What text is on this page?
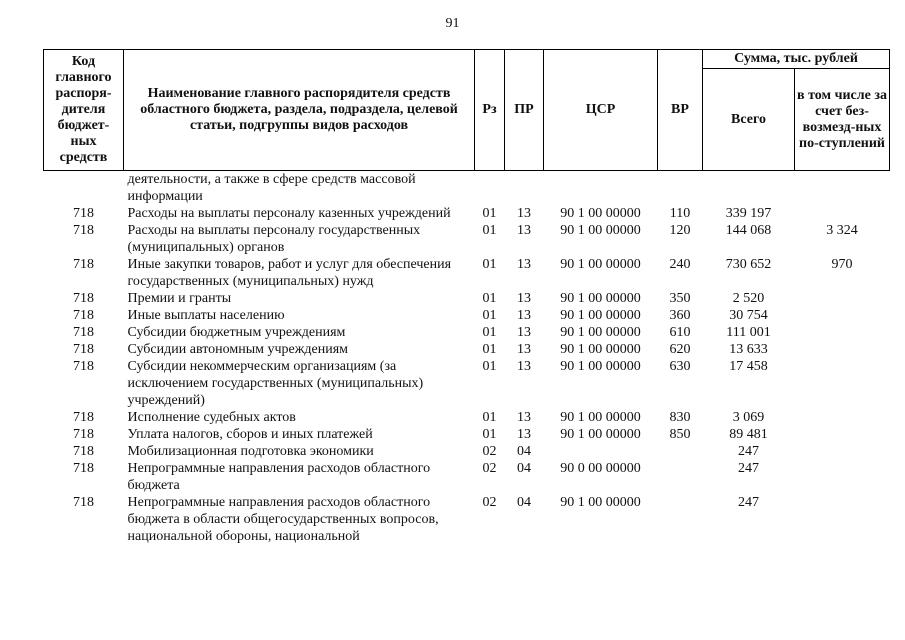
91
Код главного распоря-дителя бюджет-ных средств	Наименование главного распорядителя средств областного бюджета, раздела, подраздела, целевой статьи, подгруппы видов расходов	Рз	ПР	ЦСР	ВР	Сумма, тыс. рублей	
						Всего	в том числе за счет без-возмезд-ных по-ступлений
	деятельности, а также в сфере средств массовой информации						
718	Расходы на выплаты персоналу казенных учреждений	01	13	90 1 00 00000	110	339 197	
718	Расходы на выплаты персоналу государственных (муниципальных) органов	01	13	90 1 00 00000	120	144 068	3 324
718	Иные закупки товаров, работ и услуг для обеспечения государственных (муниципальных) нужд	01	13	90 1 00 00000	240	730 652	970
718	Премии и гранты	01	13	90 1 00 00000	350	2 520	
718	Иные выплаты населению	01	13	90 1 00 00000	360	30 754	
718	Субсидии бюджетным учреждениям	01	13	90 1 00 00000	610	111 001	
718	Субсидии автономным учреждениям	01	13	90 1 00 00000	620	13 633	
718	Субсидии некоммерческим организациям (за исключением государственных (муниципальных) учреждений)	01	13	90 1 00 00000	630	17 458	
718	Исполнение судебных актов	01	13	90 1 00 00000	830	3 069	
718	Уплата налогов, сборов и иных платежей	01	13	90 1 00 00000	850	89 481	
718	Мобилизационная подготовка экономики	02	04			247	
718	Непрограммные направления расходов областного бюджета	02	04	90 0 00 00000		247	
718	Непрограммные направления расходов областного бюджета в области общегосударственных вопросов, национальной обороны, национальной	02	04	90 1 00 00000		247	
